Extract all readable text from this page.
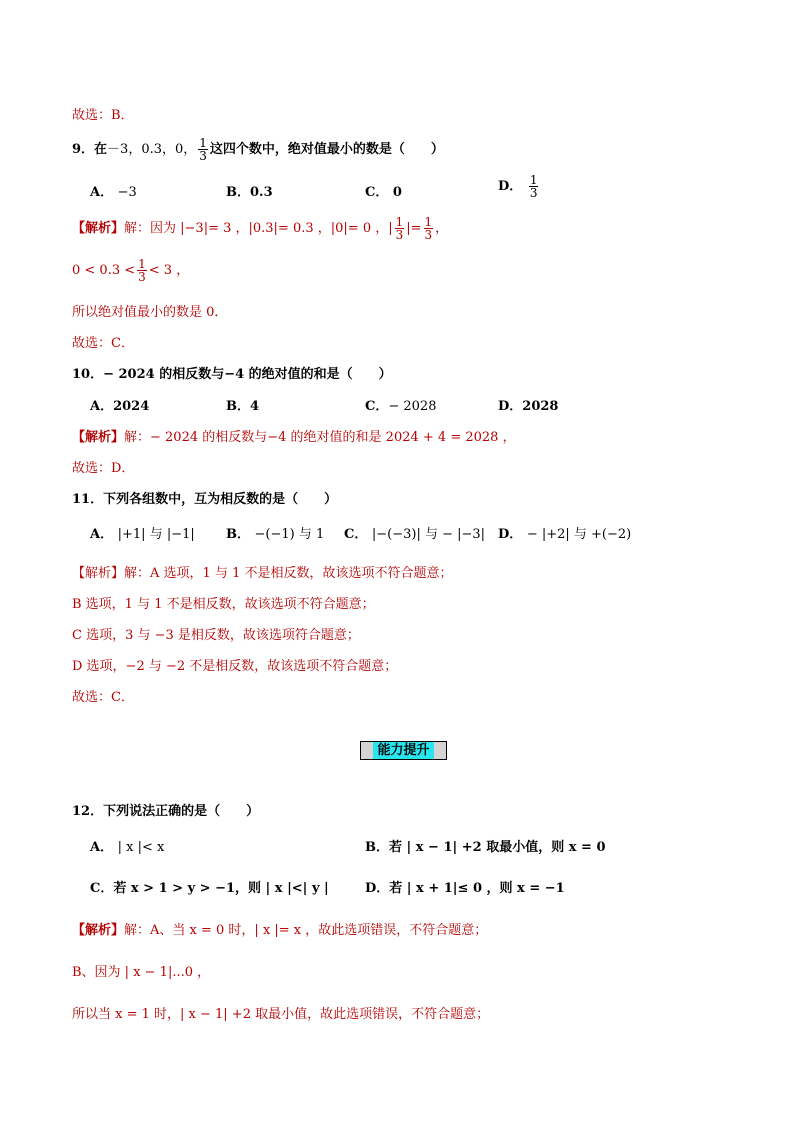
故选：B．
9．在－3，0.3，0， $\frac{1}{3}$ 这四个数中，绝对值最小的数是（　　）
A． −3	B．0.3	C． 0	D． $\frac{1}{3}$
【解析】解：因为 |−3|= 3 ，|0.3|= 0.3 ，|0|= 0 ，| $\frac{1}{3}$ |= $\frac{1}{3}$ ，
$0 < 0.3 < \frac{1}{3} < 3$ ，
所以绝对值最小的数是 0．
故选：C．
10．− 2024 的相反数与−4 的绝对值的和是（　　）
A．2024	B．4	C．− 2028	D．2028
【解析】解：− 2024 的相反数与−4 的绝对值的和是 2024 + 4 = 2028 ，
故选：D．
11．下列各组数中，互为相反数的是（　　）
A． |+1| 与 |−1| B． −(−1) 与 1 C． |−(−3)| 与 − |−3| D． − |+2| 与 +(−2)
【解析】解：A 选项，1 与 1 不是相反数，故该选项不符合题意；
B 选项，1 与 1 不是相反数，故该选项不符合题意；
C 选项，3 与 −3 是相反数，故该选项符合题意；
D 选项，−2 与 −2 不是相反数，故该选项不符合题意；
故选：C．
能力提升
12．下列说法正确的是（　　）
A． | x |< x	B．若 | x − 1| +2 取最小值，则 x = 0
C．若 x > 1 > y > −1，则 | x |<| y |	D．若 | x + 1|≤ 0 ，则 x = −1
【解析】解：A、当 x = 0 时，| x |= x ，故此选项错误，不符合题意；
B、因为 | x − 1|...0 ，
所以当 x = 1 时，| x − 1| +2 取最小值，故此选项错误，不符合题意；
